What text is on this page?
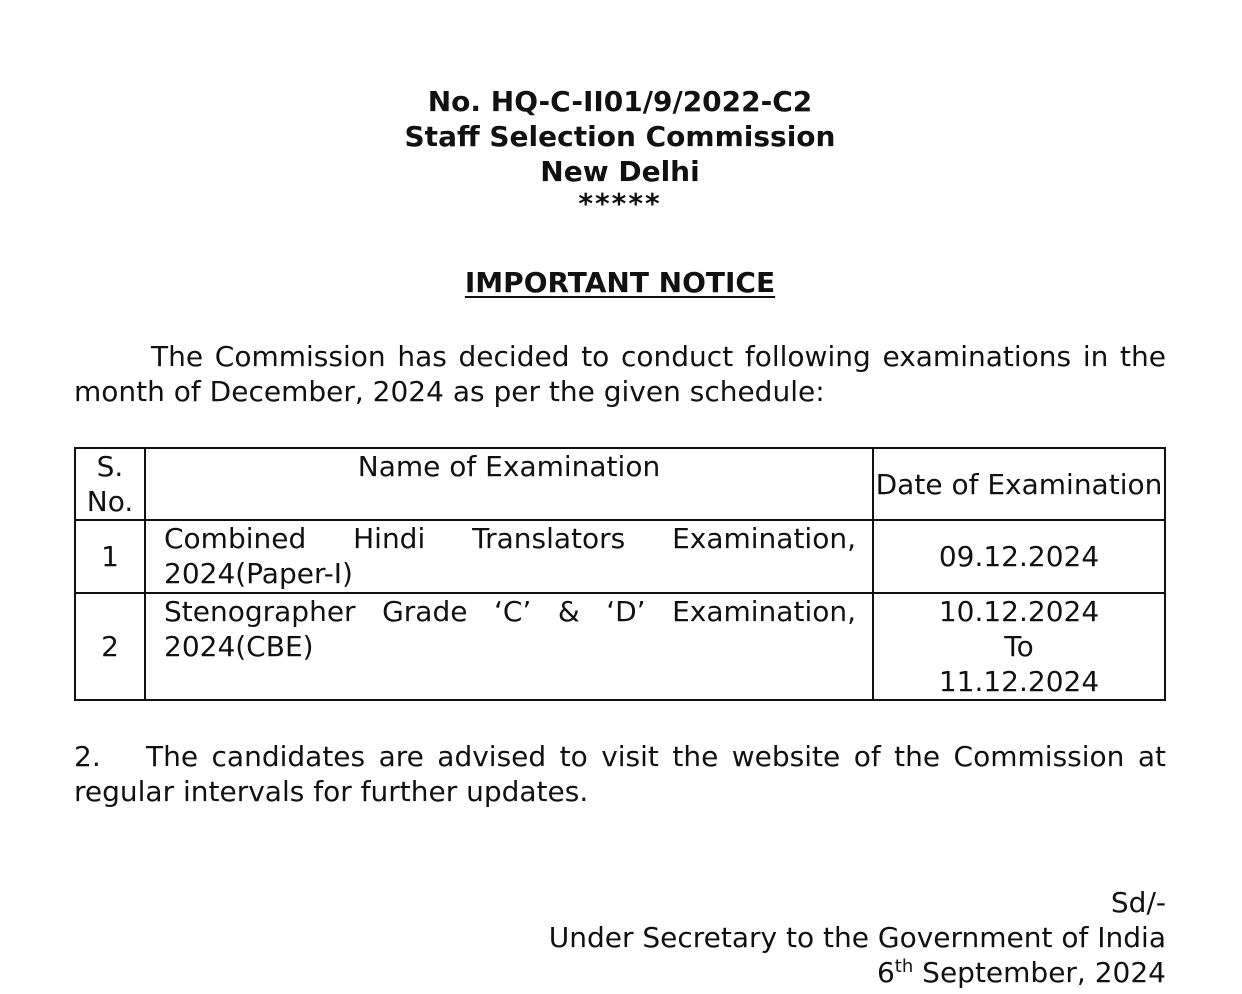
No. HQ-C-II01/9/2022-C2
Staff Selection Commission
New Delhi
*****
IMPORTANT NOTICE
The Commission has decided to conduct following examinations in the month of December, 2024 as per the given schedule:
S. No.	Name of Examination	Date of Examination
1	Combined Hindi Translators Examination, 2024(Paper-I)	09.12.2024

2	Stenographer Grade ‘C’ & ‘D’ Examination, 2024(CBE)	10.12.2024
To
11.12.2024
2. The candidates are advised to visit the website of the Commission at regular intervals for further updates.
Sd/-
Under Secretary to the Government of India
6th September, 2024
